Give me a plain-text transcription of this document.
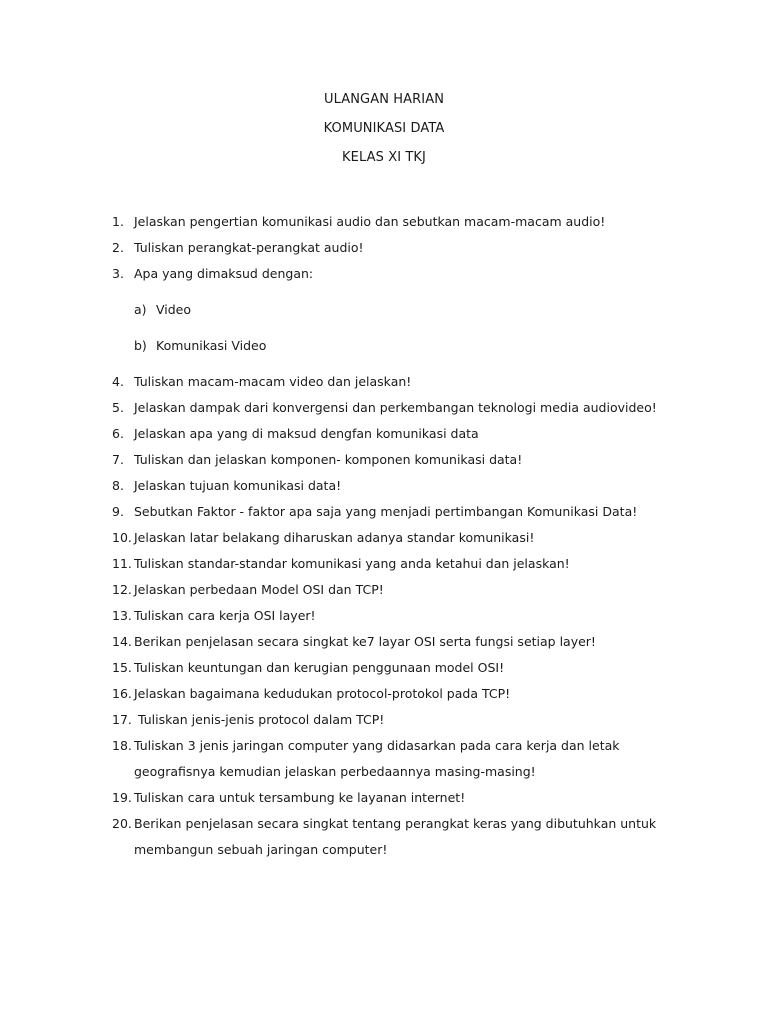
ULANGAN HARIAN
KOMUNIKASI DATA
KELAS XI TKJ
1. Jelaskan pengertian komunikasi audio dan sebutkan macam-macam audio!
2. Tuliskan perangkat-perangkat audio!
3. Apa yang dimaksud dengan:
a) Video
b) Komunikasi Video
4. Tuliskan macam-macam video dan jelaskan!
5. Jelaskan dampak dari konvergensi dan perkembangan teknologi media audiovideo!
6. Jelaskan apa yang di maksud dengfan komunikasi data
7. Tuliskan dan jelaskan komponen- komponen komunikasi data!
8. Jelaskan tujuan komunikasi data!
9. Sebutkan Faktor - faktor apa saja yang menjadi pertimbangan Komunikasi Data!
10. Jelaskan latar belakang diharuskan adanya standar komunikasi!
11. Tuliskan standar-standar komunikasi yang anda ketahui dan jelaskan!
12. Jelaskan perbedaan Model OSI dan TCP!
13. Tuliskan cara kerja OSI layer!
14. Berikan penjelasan secara singkat ke7 layar OSI serta fungsi setiap layer!
15. Tuliskan keuntungan dan kerugian penggunaan model OSI!
16. Jelaskan bagaimana kedudukan protocol-protokol pada TCP!
17. Tuliskan jenis-jenis protocol dalam TCP!
18. Tuliskan 3 jenis jaringan computer yang didasarkan pada cara kerja dan letak
geografisnya kemudian jelaskan perbedaannya masing-masing!
19. Tuliskan cara untuk tersambung ke layanan internet!
20. Berikan penjelasan secara singkat tentang perangkat keras yang dibutuhkan untuk
membangun sebuah jaringan computer!
